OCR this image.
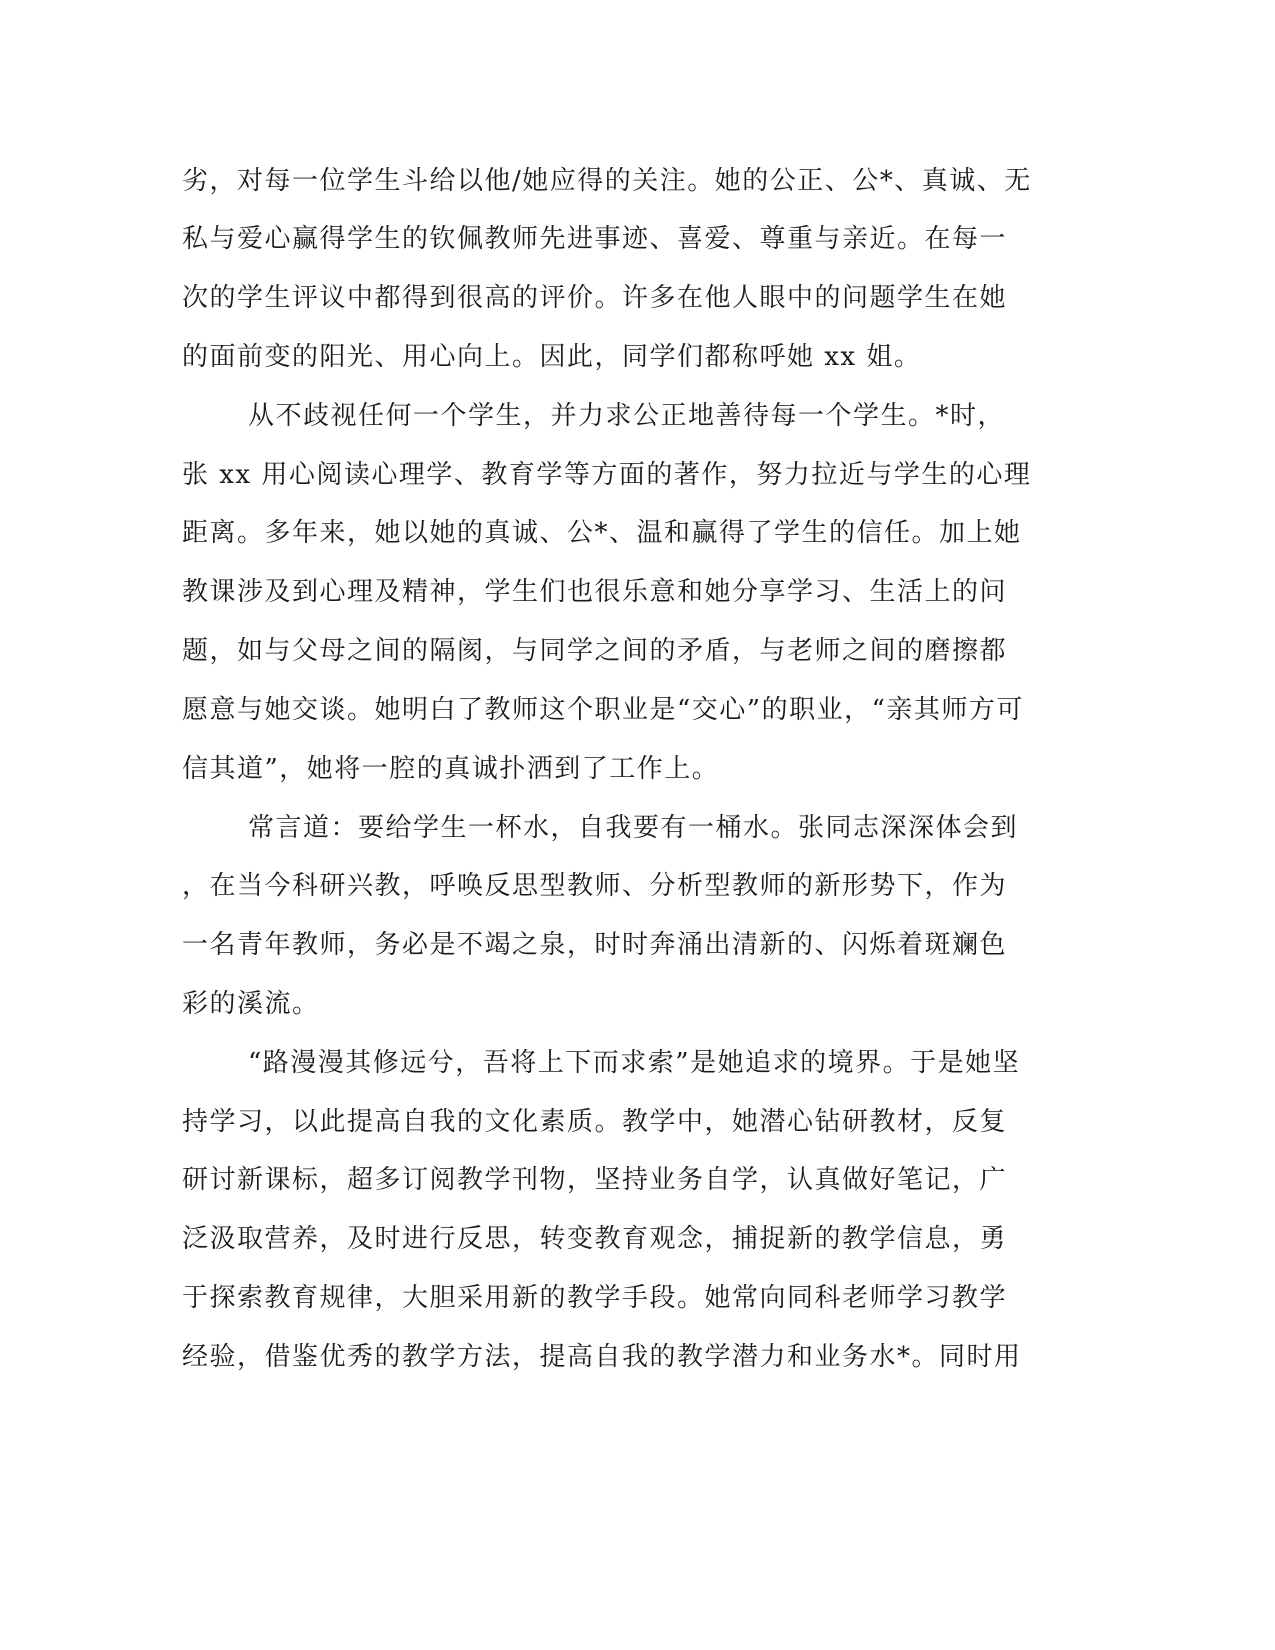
劣，对每一位学生斗给以他/她应得的关注。她的公正、公*、真诚、无
私与爱心赢得学生的钦佩教师先进事迹、喜爱、尊重与亲近。在每一
次的学生评议中都得到很高的评价。许多在他人眼中的问题学生在她
的面前变的阳光、用心向上。因此，同学们都称呼她 xx 姐。
从不歧视任何一个学生，并力求公正地善待每一个学生。*时，
张 xx 用心阅读心理学、教育学等方面的著作，努力拉近与学生的心理
距离。多年来，她以她的真诚、公*、温和赢得了学生的信任。加上她
教课涉及到心理及精神，学生们也很乐意和她分享学习、生活上的问
题，如与父母之间的隔阂，与同学之间的矛盾，与老师之间的磨擦都
愿意与她交谈。她明白了教师这个职业是“交心”的职业，“亲其师方可
信其道”，她将一腔的真诚扑洒到了工作上。
常言道：要给学生一杯水，自我要有一桶水。张同志深深体会到
，在当今科研兴教，呼唤反思型教师、分析型教师的新形势下，作为
一名青年教师，务必是不竭之泉，时时奔涌出清新的、闪烁着斑斓色
彩的溪流。
“路漫漫其修远兮，吾将上下而求索”是她追求的境界。于是她坚
持学习，以此提高自我的文化素质。教学中，她潜心钻研教材，反复
研讨新课标，超多订阅教学刊物，坚持业务自学，认真做好笔记，广
泛汲取营养，及时进行反思，转变教育观念，捕捉新的教学信息，勇
于探索教育规律，大胆采用新的教学手段。她常向同科老师学习教学
经验，借鉴优秀的教学方法，提高自我的教学潜力和业务水*。同时用
